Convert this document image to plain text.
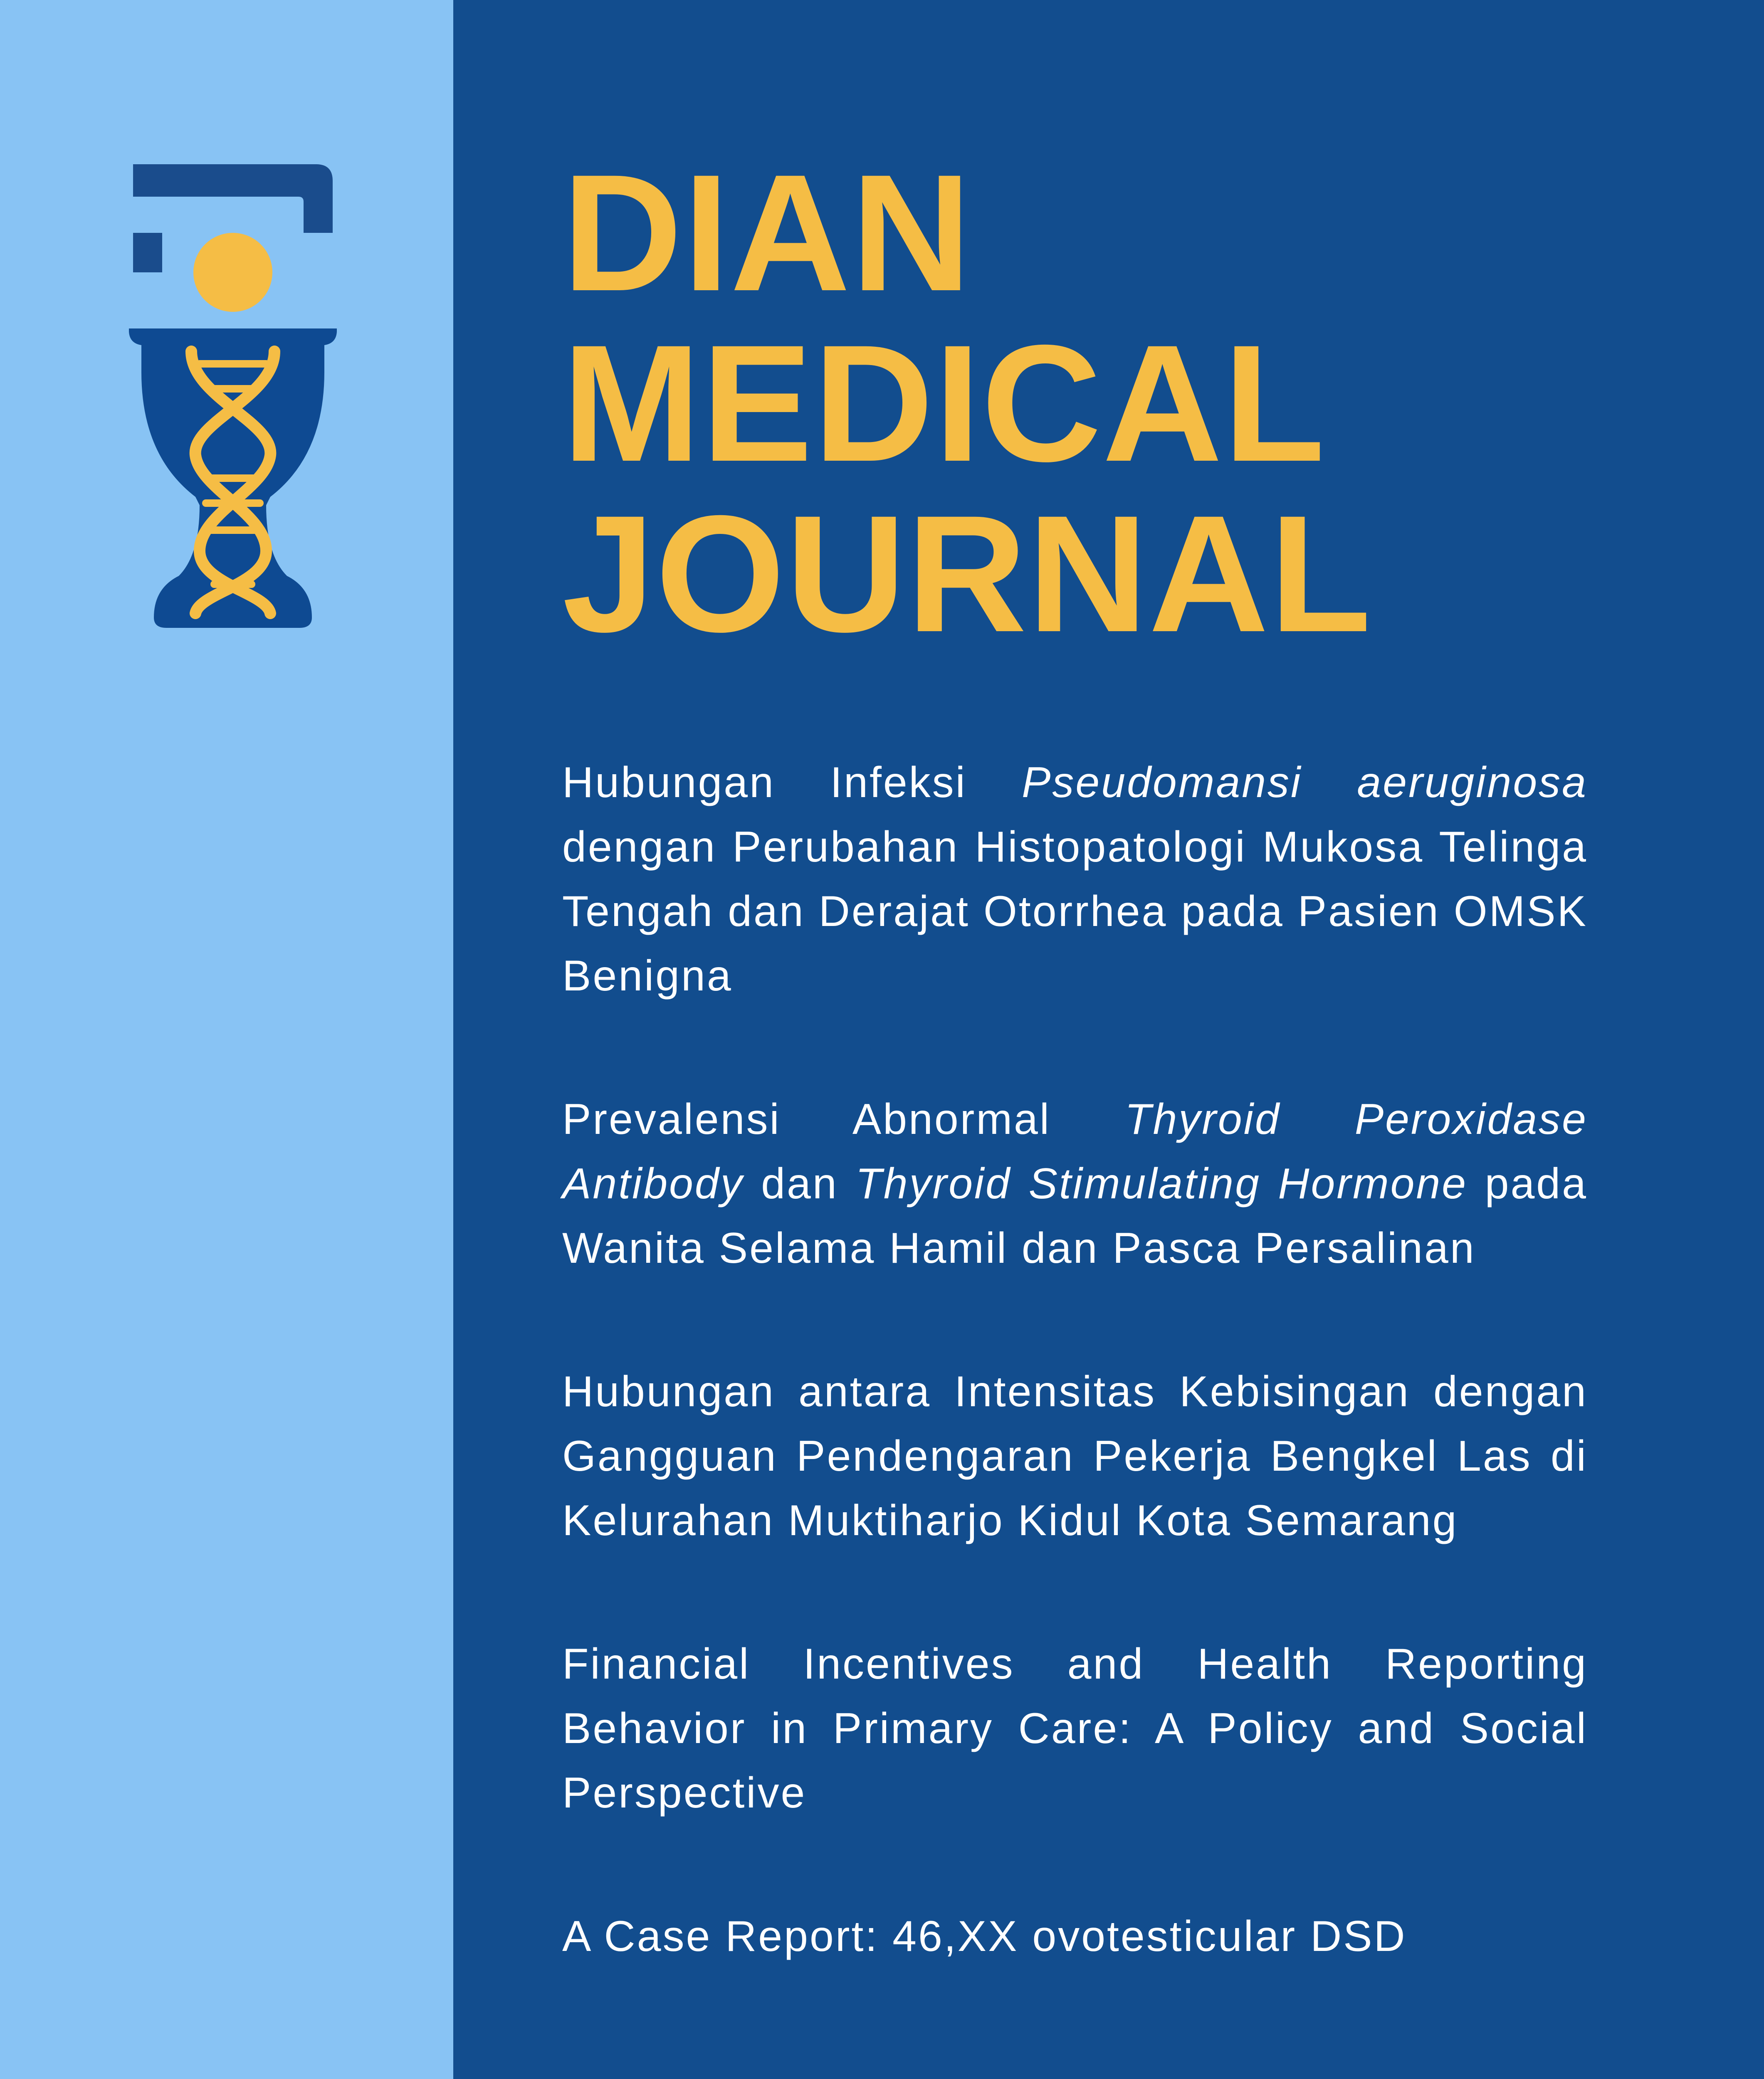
DIAN
MEDICAL
JOURNAL
Hubungan Infeksi Pseudomansi aeruginosa dengan Perubahan Histopatologi Mukosa Telinga Tengah dan Derajat Otorrhea pada Pasien OMSK Benigna
Prevalensi Abnormal Thyroid Peroxidase Antibody dan Thyroid Stimulating Hormone pada Wanita Selama Hamil dan Pasca Persalinan
Hubungan antara Intensitas Kebisingan dengan Gangguan Pendengaran Pekerja Bengkel Las di Kelurahan Muktiharjo Kidul Kota Semarang
Financial Incentives and Health Reporting Behavior in Primary Care: A Policy and Social Perspective
A Case Report: 46,XX ovotesticular DSD
